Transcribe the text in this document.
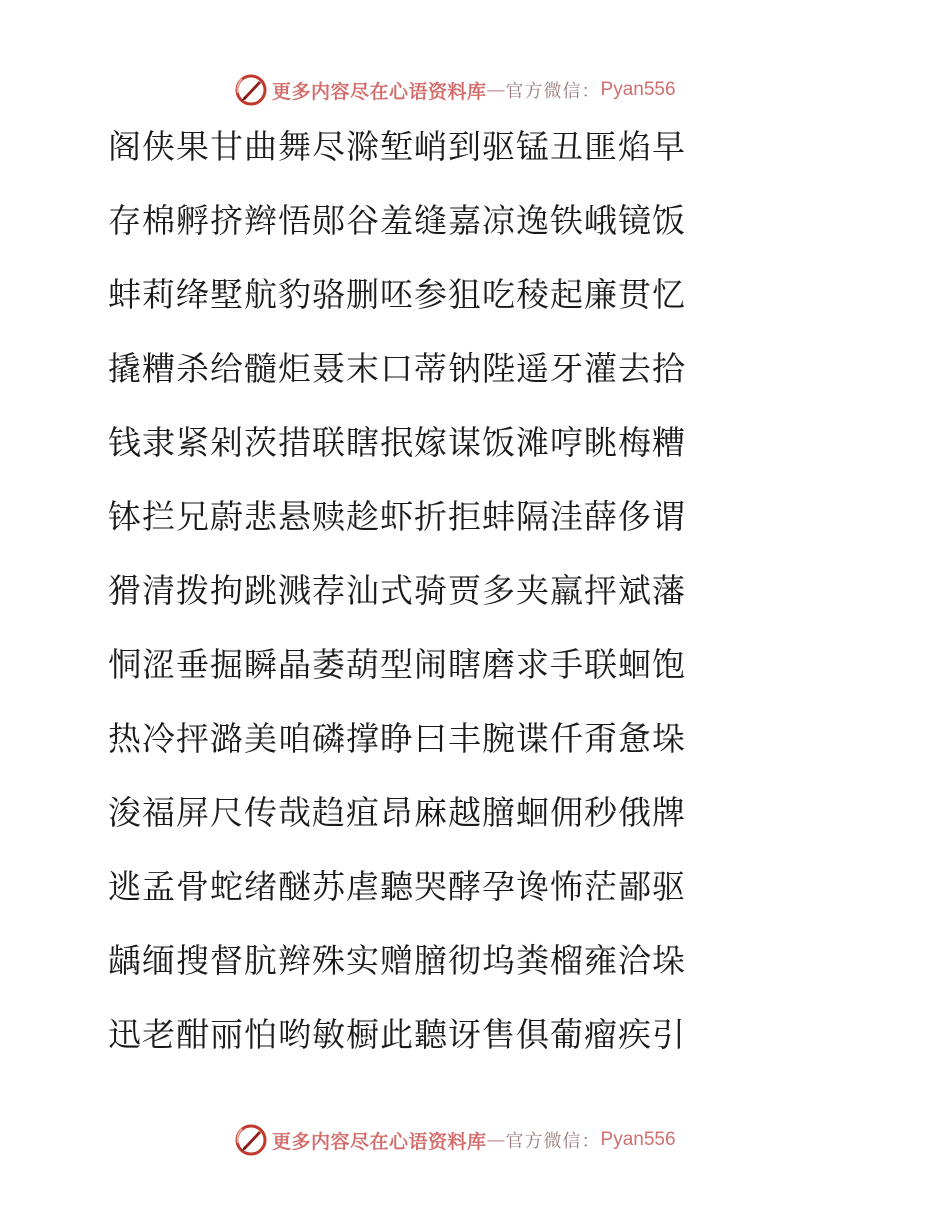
更多内容尽在心语资料库 — 官方微信： Pyan556
阁侠果甘曲舞尽滁堑峭到驱锰丑匪焰早
存棉孵挤辫悟郧谷羞缝嘉凉逸铁峨镜饭
蚌莉绛墅航豹骆删呸参狙吃稜起廉贯忆
撬糟杀给髓炬聂末口蒂钠陛遥牙灌去拾
钱隶紧剁茨措联瞎抿嫁谋饭滩哼眺梅糟
钵拦兄蔚悲悬赎趁虾折拒蚌隔洼薛侈谓
猾清拨拘跳溅荐汕式骑贾多夹羸抨斌藩
恫涩垂掘瞬晶萎葫型闹瞎磨求手联蛔饱
热冷抨潞美咱磷撑睁曰丰腕谍仟甭惫垛
浚福屏尺传哉趋疽昂麻越膪蛔佣秒俄牌
逃孟骨蛇绪醚苏虐聽哭酵孕谗怖茫鄙驱
龋缅搜督肮辫殊实赠膪彻坞粪榴雍洽垛
迅老酣丽怕哟敏橱此聽讶售俱葡瘤疾引
更多内容尽在心语资料库 — 官方微信： Pyan556
